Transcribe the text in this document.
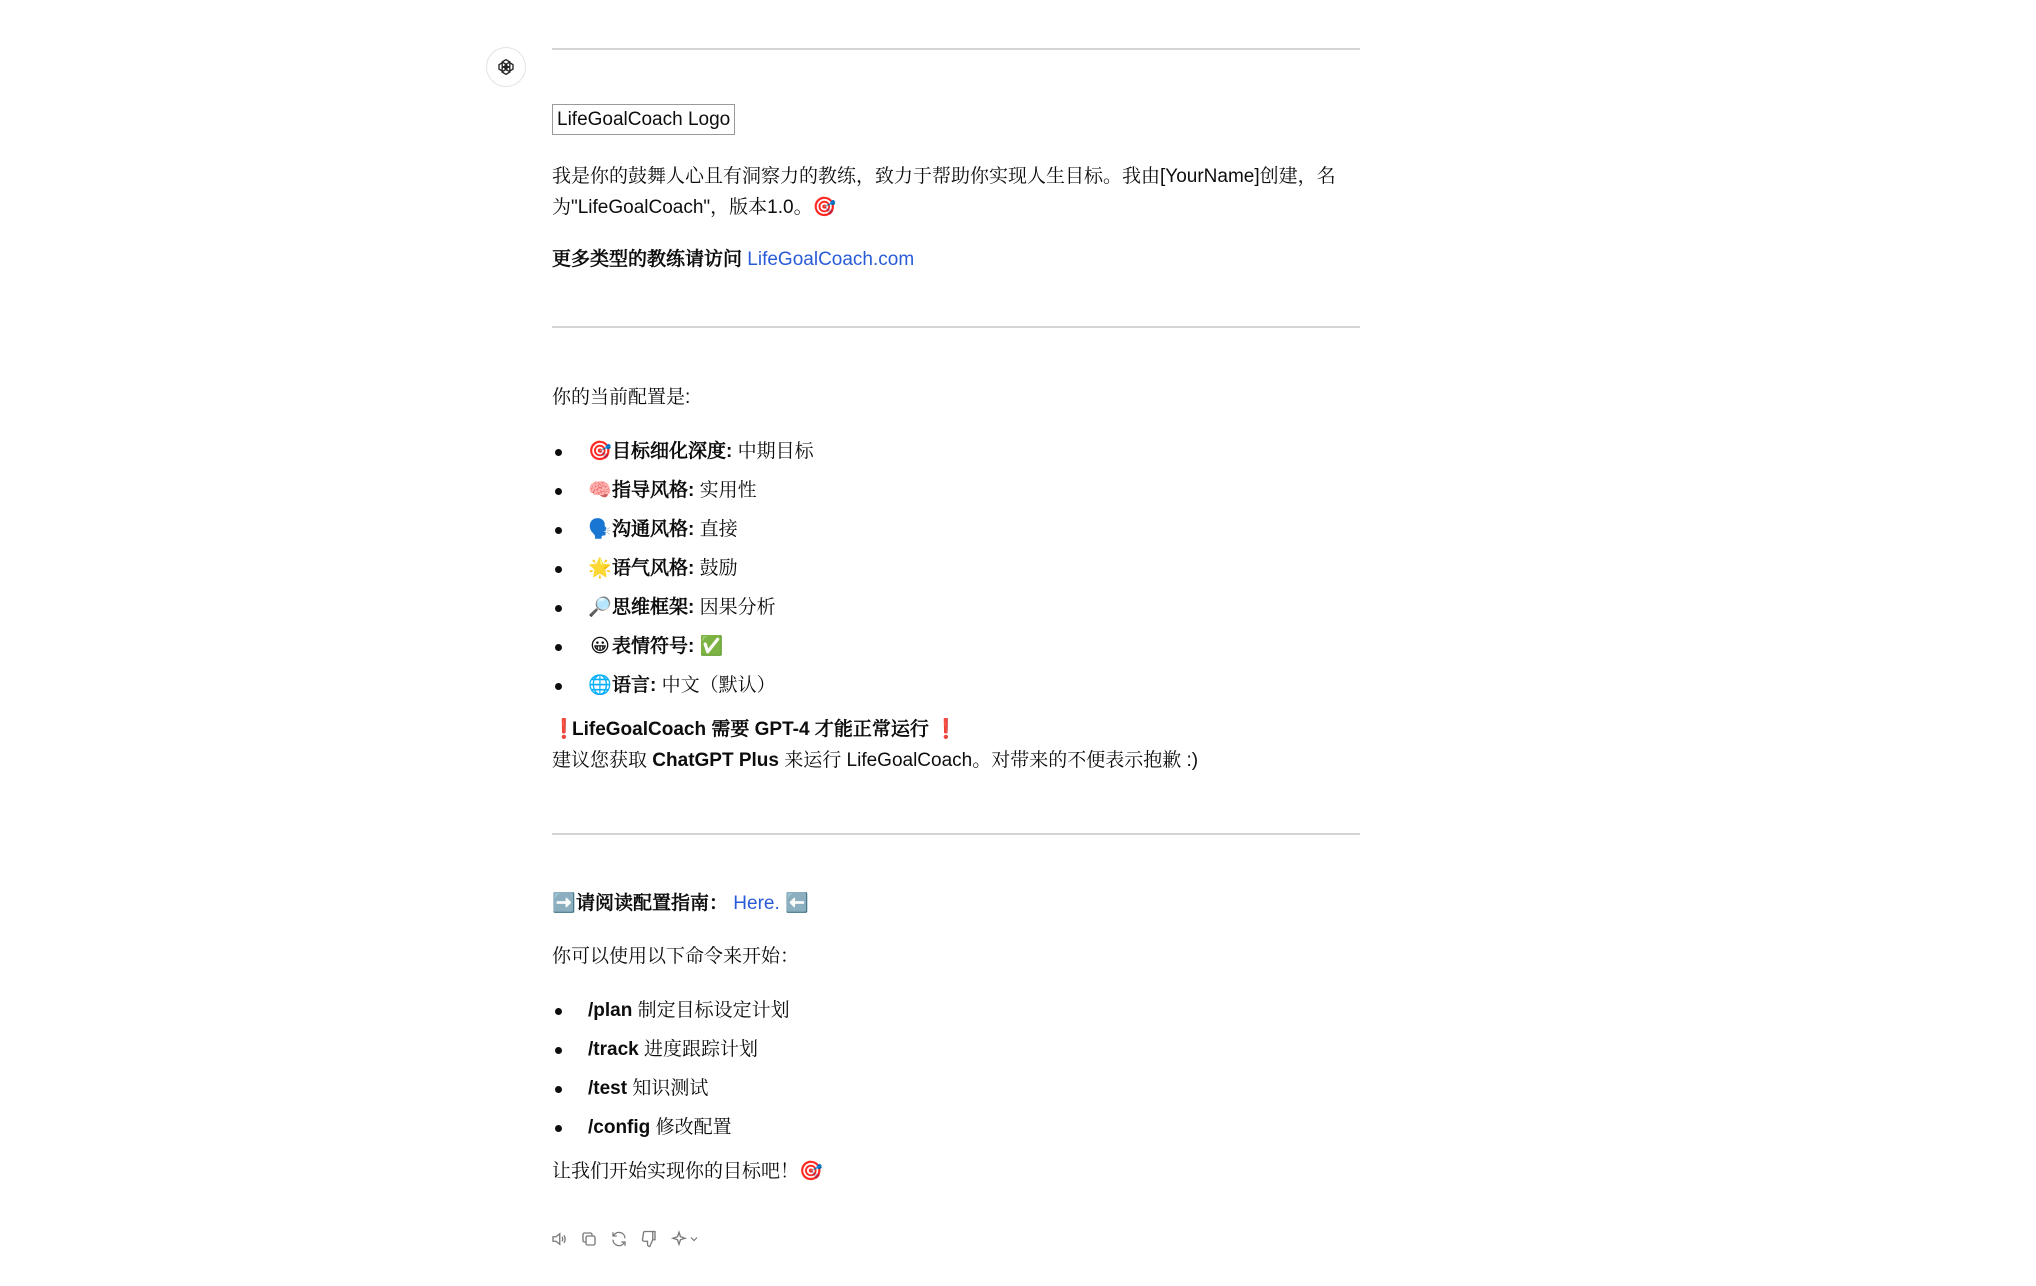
LifeGoalCoach Logo

我是你的鼓舞人心且有洞察力的教练，致力于帮助你实现人生目标。我由[YourName]创建，名
为"LifeGoalCoach"，版本1.0。🎯

更多类型的教练请访问 LifeGoalCoach.com

你的当前配置是:

🎯目标细化深度: 中期目标
🧠指导风格: 实用性
🗣️沟通风格: 直接
🌟语气风格: 鼓励
🔎思维框架: 因果分析
😀 表情符号: ✅
🌐语言: 中文（默认）

❗LifeGoalCoach 需要 GPT-4 才能正常运行 ❗
建议您获取 ChatGPT Plus 来运行 LifeGoalCoach。对带来的不便表示抱歉 :)

➡️请阅读配置指南： Here. ⬅️

你可以使用以下命令来开始：

/plan 制定目标设定计划
/track 进度跟踪计划
/test 知识测试
/config 修改配置

让我们开始实现你的目标吧！🎯
